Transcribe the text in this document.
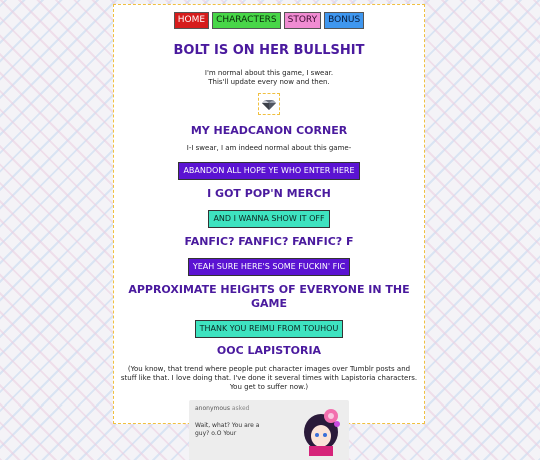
HOME	CHARACTERS	STORY	BONUS
BOLT IS ON HER BULLSHIT

I'm normal about this game, I swear.

This'll update every now and then.

MY HEADCANON CORNER

I-I swear, I am indeed normal about this game-

ABANDON ALL HOPE YE WHO ENTER HERE
I GOT POP'N MERCH
AND I WANNA SHOW IT OFF
FANFIC? FANFIC? FANFIC? F
YEAH SURE HERE'S SOME FUCKIN' FIC
APPROXIMATE HEIGHTS OF EVERYONE IN THE GAME
THANK YOU REIMU FROM TOUHOU
OOC LAPISTORIA

(You know, that trend where people put character images over Tumblr posts and stuff like that. I love doing that. I've done it several times with Lapistoria characters. You get to suffer now.)

anonymous asked
Wait, what? You are a guy? o.O Your
